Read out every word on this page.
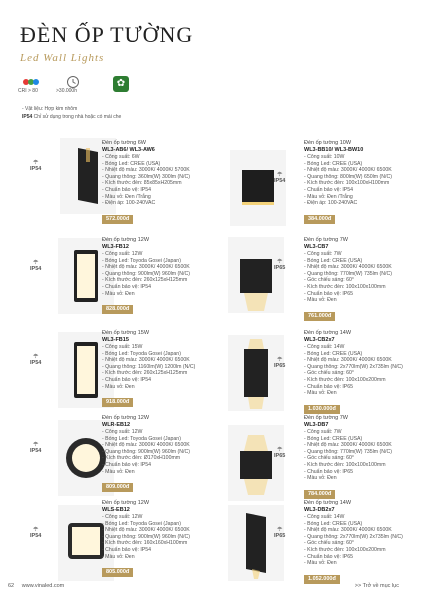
ĐÈN ỐP TƯỜNG
Led Wall Lights
CRI > 80	>30.000h
✿
- Vật liệu: Hợp kim nhôm
IP54 Chỉ sử dụng trong nhà hoặc có mái che
☂
IP54
Đèn ốp tường 6W
WL3-AB6/ WL3-AW6
- Công suất: 6W
- Bóng Led: CREE (USA)
- Nhiệt độ màu: 3000K/ 4000K/ 5700K
- Quang thông: 360lm(W) 300lm (N/C)
- Kích thước đèn: 85x85xH205mm
- Chuẩn bảo vệ: IP54
- Màu vỏ: Đen /Trắng
- Điện áp: 100-240VAC
572.000đ
☂
IP54
Đèn ốp tường 10W
WL3-BB10/ WL3-BW10
- Công suất: 10W
- Bóng Led: CREE (USA)
- Nhiệt độ màu: 3000K/ 4000K/ 6500K
- Quang thông: 800lm(W) 650lm (N/C)
- Kích thước đèn: 100x100xH100mm
- Chuẩn bảo vệ: IP54
- Màu vỏ: Đen /Trắng
- Điện áp: 100-240VAC
384.000đ
☂
IP54
Đèn ốp tường 12W
WL3-FB12
- Công suất: 12W
- Bóng Led: Toyoda Gosei (Japan)
- Nhiệt độ màu: 3000K/ 4000K/ 6500K
- Quang thông: 900lm(W) 960lm (N/C)
- Kích thước đèn: 260x125xH125mm
- Chuẩn bảo vệ: IP54
- Màu vỏ: Đen
828.000đ
☂
IP65
Đèn ốp tường 7W
WL3-CB7
- Công suất: 7W
- Bóng Led: CREE (USA)
- Nhiệt độ màu: 3000K/ 4000K/ 6500K
- Quang thông: 770lm(W) 735lm (N/C)
- Góc chiếu sáng: 60°
- Kích thước đèn: 100x100x100mm
- Chuẩn bảo vệ: IP65
- Màu vỏ: Đen
761.000đ
☂
IP54
Đèn ốp tường 15W
WL3-FB15
- Công suất: 15W
- Bóng Led: Toyoda Gosei (Japan)
- Nhiệt độ màu: 3000K/ 4000K/ 6500K
- Quang thông: 1160lm(W) 1200lm (N/C)
- Kích thước đèn: 260x125xH125mm
- Chuẩn bảo vệ: IP54
- Màu vỏ: Đen
918.000đ
☂
IP65
Đèn ốp tường 14W
WL3-CB2x7
- Công suất: 14W
- Bóng Led: CREE (USA)
- Nhiệt độ màu: 3000K/ 4000K/ 6500K
- Quang thông: 2x770lm(W) 2x735lm (N/C)
- Góc chiếu sáng: 60°
- Kích thước đèn: 100x100x200mm
- Chuẩn bảo vệ: IP65
- Màu vỏ: Đen
1.030.000đ
☂
IP54
Đèn ốp tường 12W
WLR-EB12
- Công suất: 12W
- Bóng Led: Toyoda Gosei (Japan)
- Nhiệt độ màu: 3000K/ 4000K/ 6500K
- Quang thông: 900lm(W) 960lm (N/C)
- Kích thước đèn: Ø170xH100mm
- Chuẩn bảo vệ: IP54
- Màu vỏ: Đen
809.000đ
☂
IP65
Đèn ốp tường 7W
WL3-DB7
- Công suất: 7W
- Bóng Led: CREE (USA)
- Nhiệt độ màu: 3000K/ 4000K/ 6500K
- Quang thông: 770lm(W) 735lm (N/C)
- Góc chiếu sáng: 60°
- Kích thước đèn: 100x100x100mm
- Chuẩn bảo vệ: IP65
- Màu vỏ: Đen
784.000đ
☂
IP54
Đèn ốp tường 12W
WLS-EB12
- Công suất: 12W
- Bóng Led: Toyoda Gosei (Japan)
- Nhiệt độ màu: 3000K/ 4000K/ 6500K
- Quang thông: 900lm(W) 960lm (N/C)
- Kích thước đèn: 160x160xH100mm
- Chuẩn bảo vệ: IP54
- Màu vỏ: Đen
805.000đ
☂
IP65
Đèn ốp tường 14W
WL3-DB2x7
- Công suất: 14W
- Bóng Led: CREE (USA)
- Nhiệt độ màu: 3000K/ 4000K/ 6500K
- Quang thông: 2x770lm(W) 2x735lm (N/C)
- Góc chiếu sáng: 60°
- Kích thước đèn: 100x100x200mm
- Chuẩn bảo vệ: IP65
- Màu vỏ: Đen
1.052.000đ
62 www.vinaled.com	>> Trở về mục lục
